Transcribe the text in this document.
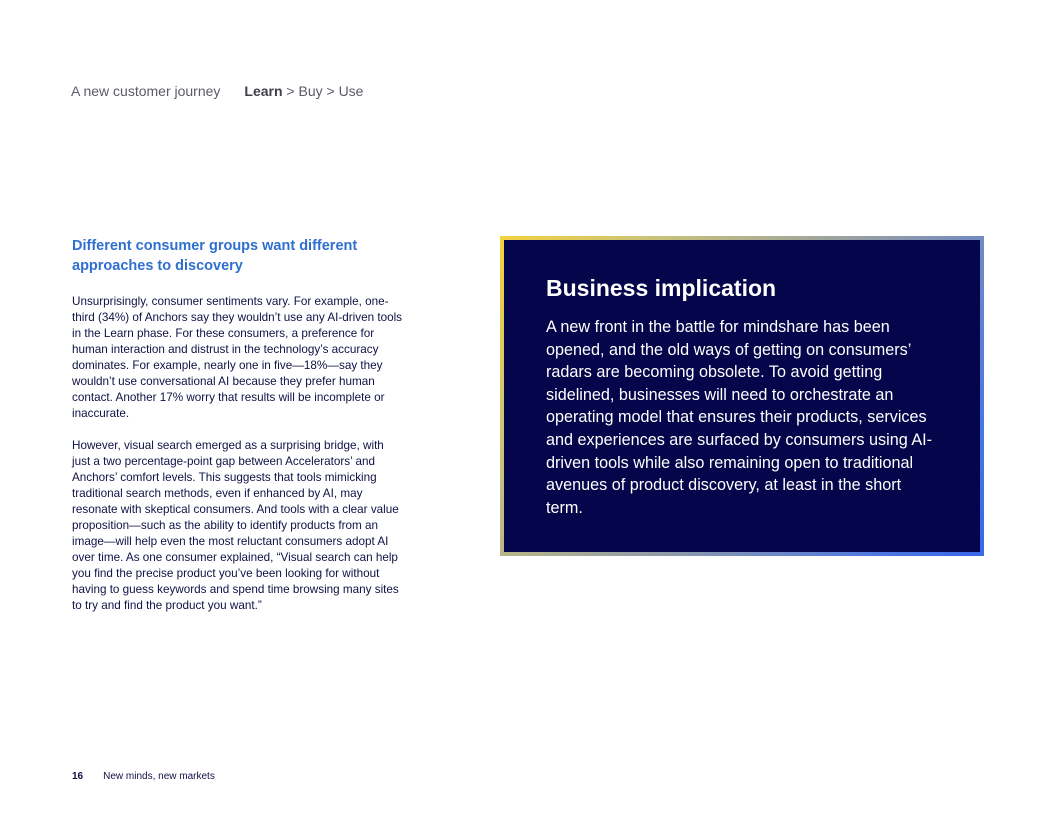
A new customer journey Learn > Buy > Use
Different consumer groups want different approaches to discovery

Unsurprisingly, consumer sentiments vary. For example, one-third (34%) of Anchors say they wouldn’t use any AI-driven tools in the Learn phase. For these consumers, a preference for human interaction and distrust in the technology’s accuracy dominates. For example, nearly one in five—18%—say they wouldn’t use conversational AI because they prefer human contact. Another 17% worry that results will be incomplete or inaccurate.

However, visual search emerged as a surprising bridge, with just a two percentage-point gap between Accelerators’ and Anchors’ comfort levels. This suggests that tools mimicking traditional search methods, even if enhanced by AI, may resonate with skeptical consumers. And tools with a clear value proposition—such as the ability to identify products from an image—will help even the most reluctant consumers adopt AI over time. As one consumer explained, “Visual search can help you find the precise product you’ve been looking for without having to guess keywords and spend time browsing many sites to try and find the product you want.”

Business implication

A new front in the battle for mindshare has been opened, and the old ways of getting on consumers’ radars are becoming obsolete. To avoid getting sidelined, businesses will need to orchestrate an operating model that ensures their products, services and experiences are surfaced by consumers using AI-driven tools while also remaining open to traditional avenues of product discovery, at least in the short term.

16 New minds, new markets
